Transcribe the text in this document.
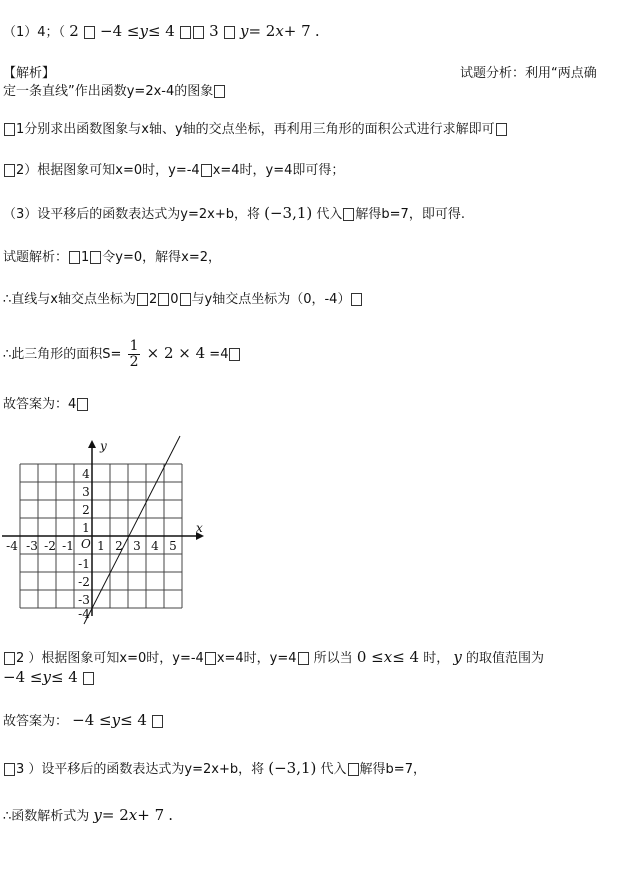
（1）4；（ 2 −4 ≤y≤ 4 3 y= 2x+ 7 .
【解析】	试题分析：利用“两点确
定一条直线”作出函数y=2x-4的图象
1分别求出函数图象与x轴、y轴的交点坐标，再利用三角形的面积公式进行求解即可
2）根据图象可知x=0时，y=-4 x=4时，y=4即可得；
（3）设平移后的函数表达式为y=2x+b，将 (−3,1) 代入 解得b=7，即可得.
试题解析： 1 令y=0，解得x=2，
∴直线与x轴交点坐标为 2 0 与y轴交点坐标为（0，-4）
∴此三角形的面积$S= \frac{1}{2} \times 2 \times 4 =4$
故答案为：4
y
x
O 1 2 3 4 5
-4 -3 -2 -1
4
3
2
1
-1
-2
-3
-4
2 ）根据图象可知x=0时，y=-4 x=4时，y=4 所以当 0 ≤x≤ 4 时， y 的取值范围为
−4 ≤y≤ 4
故答案为： −4 ≤y≤ 4
3 ）设平移后的函数表达式为y=2x+b，将 (−3,1) 代入 解得b=7，
∴函数解析式为 y= 2x+ 7 .
